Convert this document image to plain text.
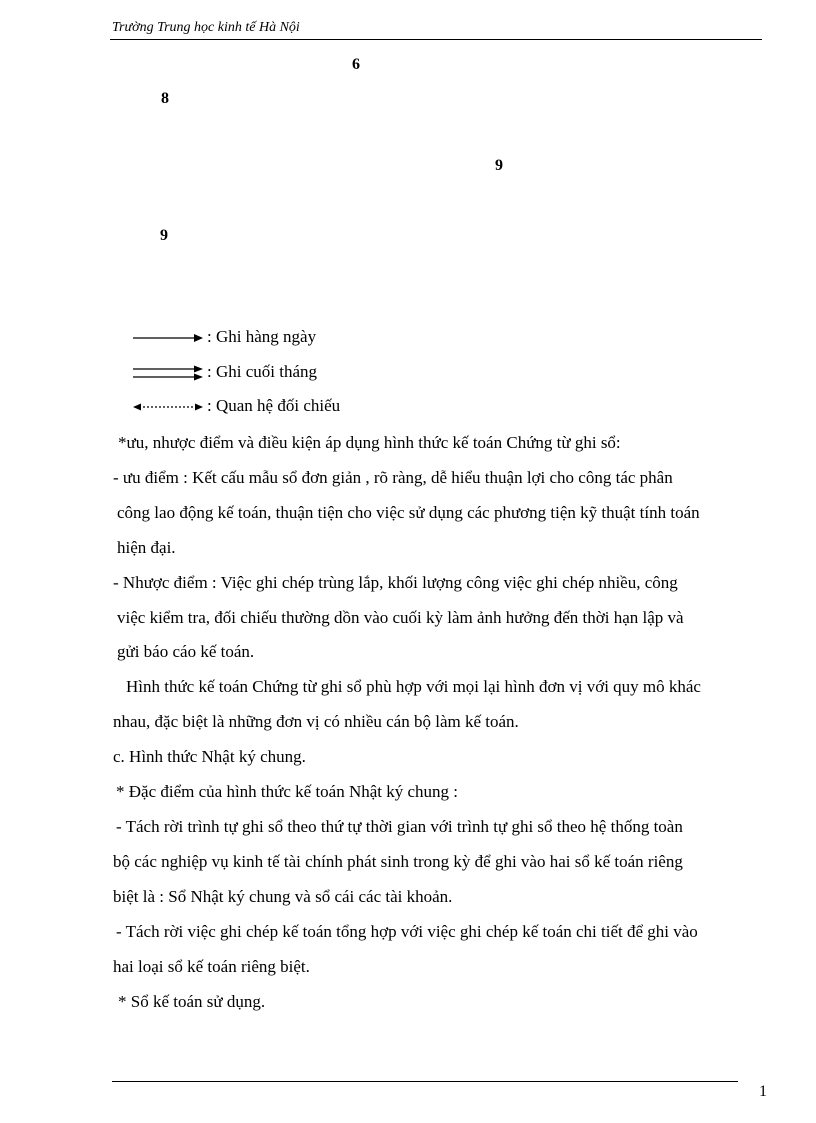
Trường Trung học kinh tế Hà Nội
6
8
9
9
: Ghi hàng ngày
: Ghi cuối tháng
: Quan hệ đối chiếu
*ưu, nhược điểm và điều kiện áp dụng hình thức kế toán Chứng từ ghi sổ:
- ưu điểm : Kết cấu mẫu sổ đơn giản , rõ ràng, dễ hiểu thuận lợi cho công tác phân
công lao động kế toán, thuận tiện cho việc sử dụng các phương tiện kỹ thuật tính toán
hiện đại.
- Nhược điểm : Việc ghi chép trùng lắp, khối lượng công việc ghi chép nhiều, công
việc kiểm tra, đối chiếu thường dồn vào cuối kỳ làm ảnh hưởng đến thời hạn lập và
gửi báo cáo kế toán.
Hình thức kế toán Chứng từ ghi sổ phù hợp với mọi lại hình đơn vị với quy mô khác
nhau, đặc biệt là những đơn vị có nhiều cán bộ làm kế toán.
c. Hình thức Nhật ký chung.
* Đặc điểm của hình thức kế toán Nhật ký chung :
- Tách rời trình tự ghi sổ theo thứ tự thời gian với trình tự ghi sổ theo hệ thống toàn
bộ các nghiệp vụ kinh tế tài chính phát sinh trong kỳ để ghi vào hai sổ kế toán riêng
biệt là : Sổ Nhật ký chung và sổ cái các tài khoản.
- Tách rời việc ghi chép kế toán tổng hợp với việc ghi chép kế toán chi tiết để ghi vào
hai loại sổ kế toán riêng biệt.
* Sổ kế toán sử dụng.
1
